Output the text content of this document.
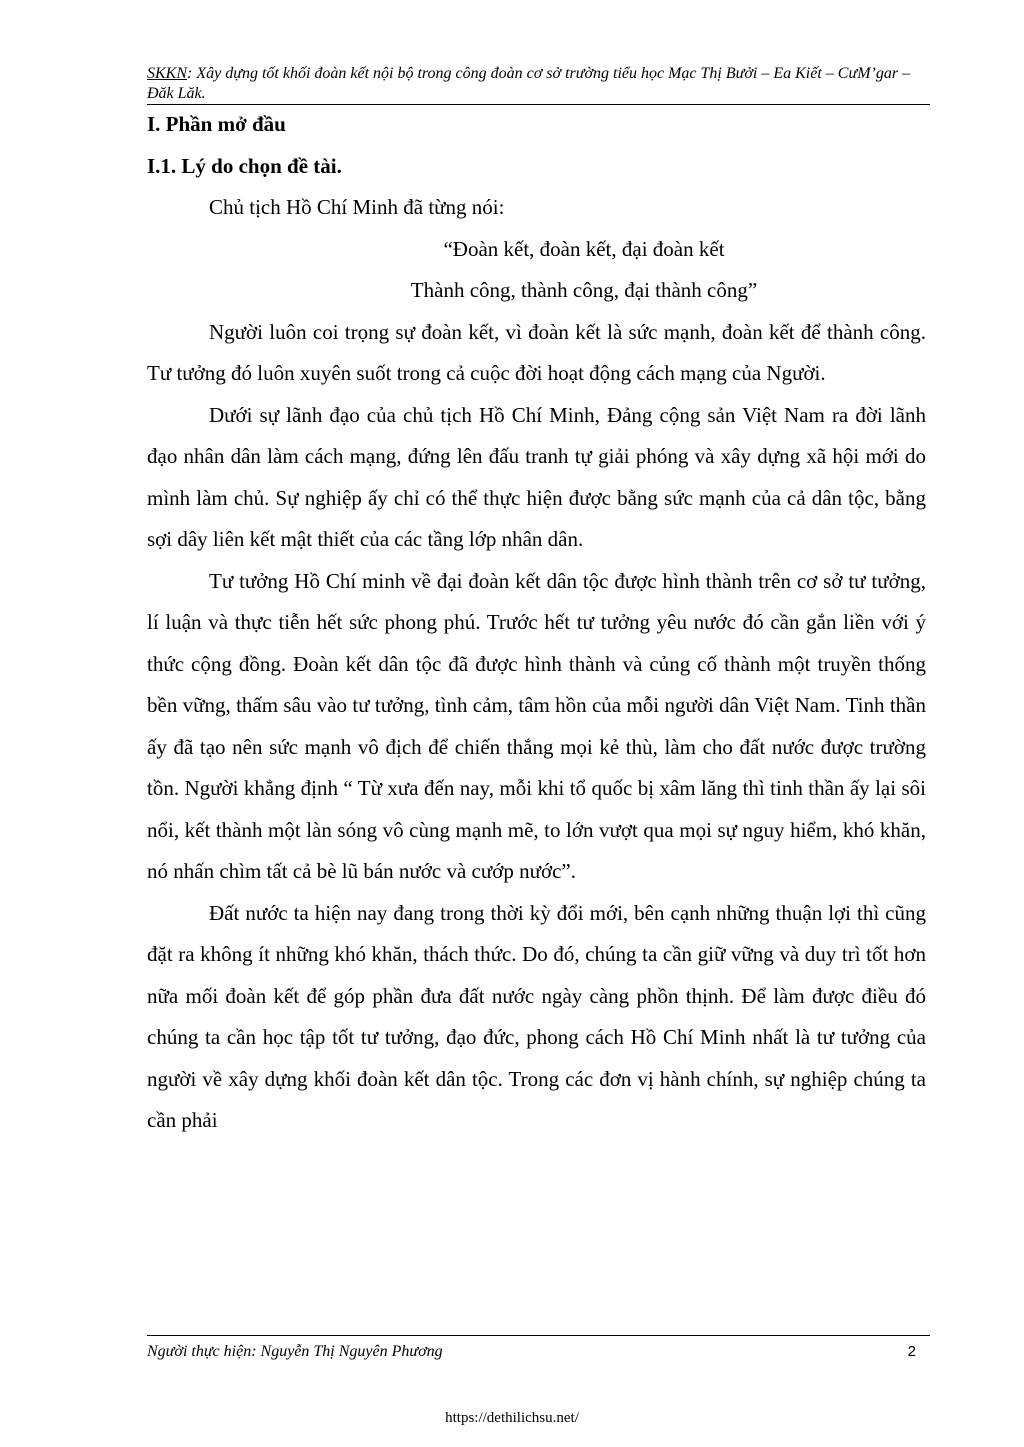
SKKN: Xây dựng tốt khối đoàn kết nội bộ trong công đoàn cơ sở trường tiểu học Mạc Thị Bưởi – Ea Kiết – CưM’gar – Đăk Lăk.

I. Phần mở đầu

I.1. Lý do chọn đề tài.

Chủ tịch Hồ Chí Minh đã từng nói:

“Đoàn kết, đoàn kết, đại đoàn kết

Thành công, thành công, đại thành công”

Người luôn coi trọng sự đoàn kết, vì đoàn kết là sức mạnh, đoàn kết để thành công. Tư tưởng đó luôn xuyên suốt trong cả cuộc đời hoạt động cách mạng của Người.

Dưới sự lãnh đạo của chủ tịch Hồ Chí Minh, Đảng cộng sản Việt Nam ra đời lãnh đạo nhân dân làm cách mạng, đứng lên đấu tranh tự giải phóng và xây dựng xã hội mới do mình làm chủ. Sự nghiệp ấy chỉ có thể thực hiện được bằng sức mạnh của cả dân tộc, bằng sợi dây liên kết mật thiết của các tầng lớp nhân dân.

Tư tưởng Hồ Chí minh về đại đoàn kết dân tộc được hình thành trên cơ sở tư tưởng, lí luận và thực tiễn hết sức phong phú. Trước hết tư tưởng yêu nước đó cần gắn liền với ý thức cộng đồng. Đoàn kết dân tộc đã được hình thành và củng cố thành một truyền thống bền vững, thấm sâu vào tư tưởng, tình cảm, tâm hồn của mỗi người dân Việt Nam. Tinh thần ấy đã tạo nên sức mạnh vô địch để chiến thắng mọi kẻ thù, làm cho đất nước được trường tồn. Người khẳng định “ Từ xưa đến nay, mỗi khi tổ quốc bị xâm lăng thì tinh thần ấy lại sôi nổi, kết thành một làn sóng vô cùng mạnh mẽ, to lớn vượt qua mọi sự nguy hiểm, khó khăn, nó nhấn chìm tất cả bè lũ bán nước và cướp nước”.

Đất nước ta hiện nay đang trong thời kỳ đổi mới, bên cạnh những thuận lợi thì cũng đặt ra không ít những khó khăn, thách thức. Do đó, chúng ta cần giữ vững và duy trì tốt hơn nữa mối đoàn kết để góp phần đưa đất nước ngày càng phồn thịnh. Để làm được điều đó chúng ta cần học tập tốt tư tưởng, đạo đức, phong cách Hồ Chí Minh nhất là tư tưởng của người về xây dựng khối đoàn kết dân tộc. Trong các đơn vị hành chính, sự nghiệp chúng ta cần phải

Người thực hiện: Nguyễn Thị Nguyên Phương	2
https://dethilichsu.net/
